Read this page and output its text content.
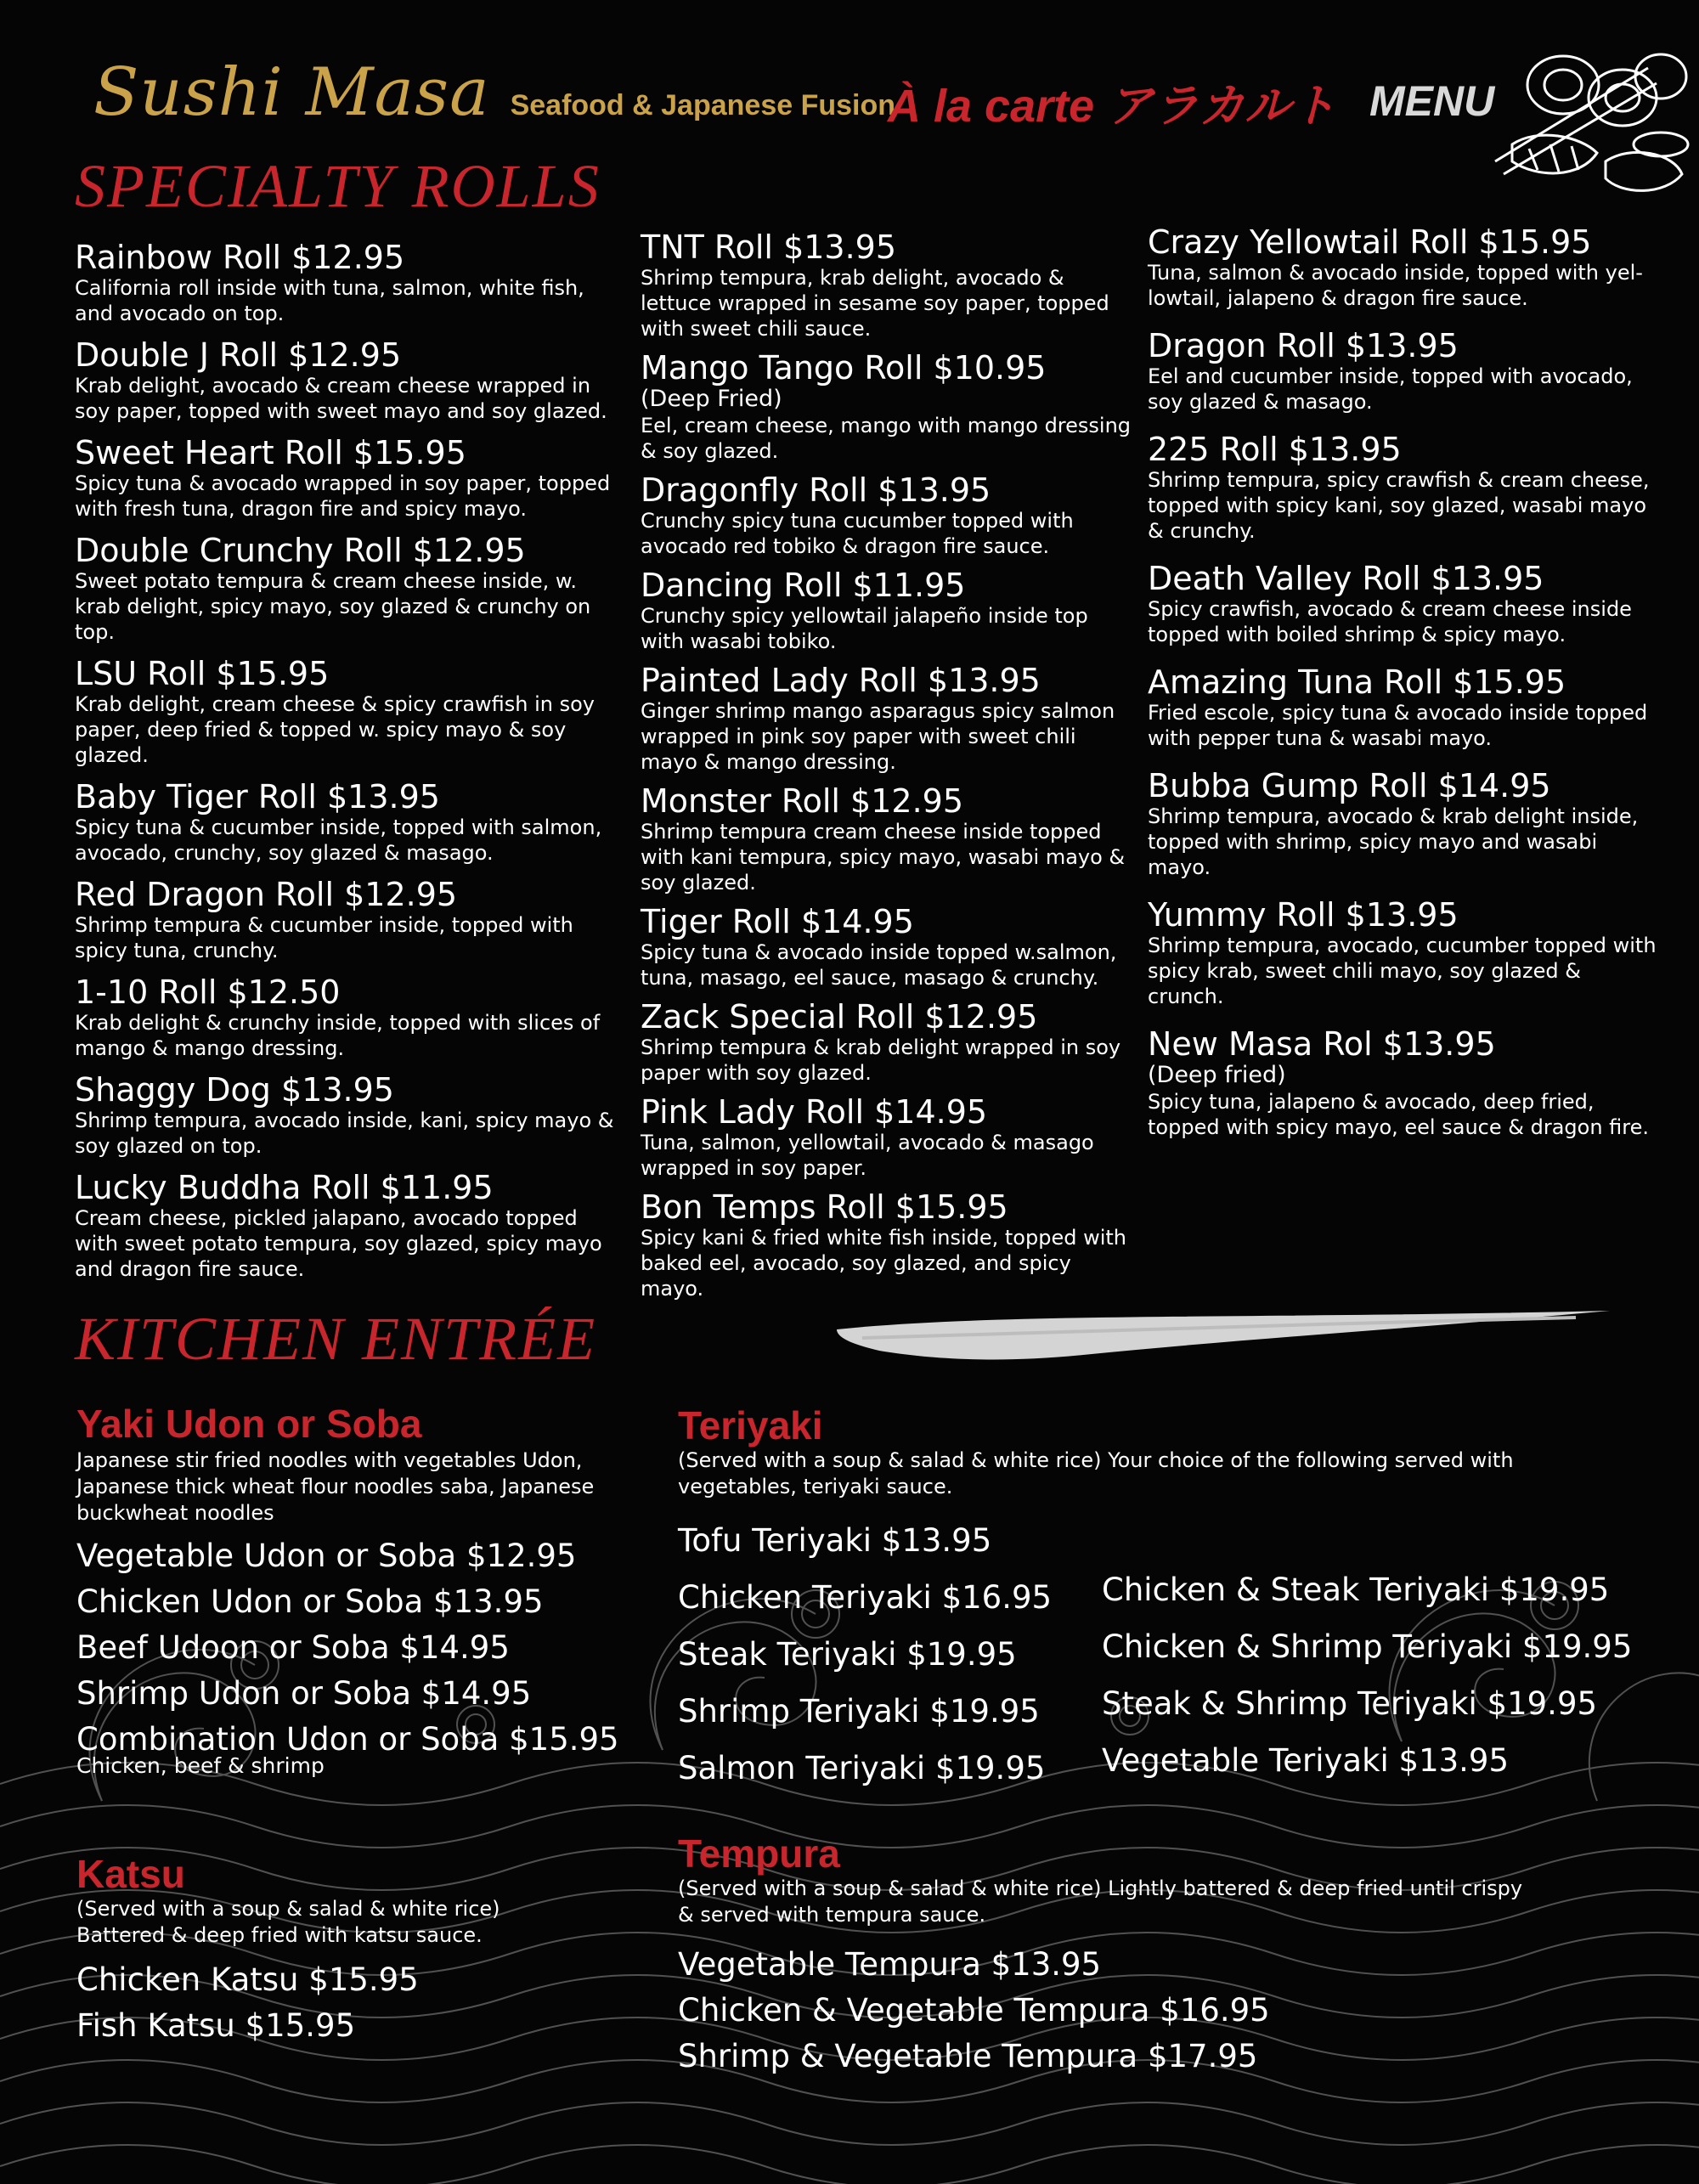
Sushi Masa Seafood & Japanese Fusion
À la carte アラカルト MENU
SPECIALTY ROLLS
Rainbow Roll $12.95
California roll inside with tuna, salmon, white fish, and avocado on top.
Double J Roll $12.95
Krab delight, avocado & cream cheese wrapped in soy paper, topped with sweet mayo and soy glazed.
Sweet Heart Roll $15.95
Spicy tuna & avocado wrapped in soy paper, topped with fresh tuna, dragon fire and spicy mayo.
Double Crunchy Roll $12.95
Sweet potato tempura & cream cheese inside, w. krab delight, spicy mayo, soy glazed & crunchy on top.
LSU Roll $15.95
Krab delight, cream cheese & spicy crawfish in soy paper, deep fried & topped w. spicy mayo & soy glazed.
Baby Tiger Roll $13.95
Spicy tuna & cucumber inside, topped with salmon, avocado, crunchy, soy glazed & masago.
Red Dragon Roll $12.95
Shrimp tempura & cucumber inside, topped with spicy tuna, crunchy.
1-10 Roll $12.50
Krab delight & crunchy inside, topped with slices of mango & mango dressing.
Shaggy Dog $13.95
Shrimp tempura, avocado inside, kani, spicy mayo & soy glazed on top.
Lucky Buddha Roll $11.95
Cream cheese, pickled jalapano, avocado topped with sweet potato tempura, soy glazed, spicy mayo and dragon fire sauce.
TNT Roll $13.95
Shrimp tempura, krab delight, avocado & lettuce wrapped in sesame soy paper, topped with sweet chili sauce.
Mango Tango Roll $10.95
(Deep Fried)
Eel, cream cheese, mango with mango dressing & soy glazed.
Dragonfly Roll $13.95
Crunchy spicy tuna cucumber topped with avocado red tobiko & dragon fire sauce.
Dancing Roll $11.95
Crunchy spicy yellowtail jalapeño inside top with wasabi tobiko.
Painted Lady Roll $13.95
Ginger shrimp mango asparagus spicy salmon wrapped in pink soy paper with sweet chili mayo & mango dressing.
Monster Roll $12.95
Shrimp tempura cream cheese inside topped with kani tempura, spicy mayo, wasabi mayo & soy glazed.
Tiger Roll $14.95
Spicy tuna & avocado inside topped w.salmon, tuna, masago, eel sauce, masago & crunchy.
Zack Special Roll $12.95
Shrimp tempura & krab delight wrapped in soy paper with soy glazed.
Pink Lady Roll $14.95
Tuna, salmon, yellowtail, avocado & masago wrapped in soy paper.
Bon Temps Roll $15.95
Spicy kani & fried white fish inside, topped with baked eel, avocado, soy glazed, and spicy mayo.
Crazy Yellowtail Roll $15.95
Tuna, salmon & avocado inside, topped with yel-lowtail, jalapeno & dragon fire sauce.
Dragon Roll $13.95
Eel and cucumber inside, topped with avocado, soy glazed & masago.
225 Roll $13.95
Shrimp tempura, spicy crawfish & cream cheese, topped with spicy kani, soy glazed, wasabi mayo & crunchy.
Death Valley Roll $13.95
Spicy crawfish, avocado & cream cheese inside topped with boiled shrimp & spicy mayo.
Amazing Tuna Roll $15.95
Fried escole, spicy tuna & avocado inside topped with pepper tuna & wasabi mayo.
Bubba Gump Roll $14.95
Shrimp tempura, avocado & krab delight inside, topped with shrimp, spicy mayo and wasabi mayo.
Yummy Roll $13.95
Shrimp tempura, avocado, cucumber topped with spicy krab, sweet chili mayo, soy glazed & crunch.
New Masa Rol $13.95
(Deep fried)
Spicy tuna, jalapeno & avocado, deep fried, topped with spicy mayo, eel sauce & dragon fire.
KITCHEN ENTRÉE
Yaki Udon or Soba
Japanese stir fried noodles with vegetables Udon, Japanese thick wheat flour noodles saba, Japanese buckwheat noodles
Vegetable Udon or Soba $12.95
Chicken Udon or Soba $13.95
Beef Udoon or Soba $14.95
Shrimp Udon or Soba $14.95
Combination Udon or Soba $15.95
Chicken, beef & shrimp
Katsu
(Served with a soup & salad & white rice)
Battered & deep fried with katsu sauce.
Chicken Katsu $15.95
Fish Katsu $15.95
Teriyaki
(Served with a soup & salad & white rice) Your choice of the following served with vegetables, teriyaki sauce.
Tofu Teriyaki $13.95
Chicken Teriyaki $16.95
Steak Teriyaki $19.95
Shrimp Teriyaki $19.95
Salmon Teriyaki $19.95
Chicken & Steak Teriyaki $19.95
Chicken & Shrimp Teriyaki $19.95
Steak & Shrimp Teriyaki $19.95
Vegetable Teriyaki $13.95
Tempura
(Served with a soup & salad & white rice) Lightly battered & deep fried until crispy
& served with tempura sauce.
Vegetable Tempura $13.95
Chicken & Vegetable Tempura $16.95
Shrimp & Vegetable Tempura $17.95
